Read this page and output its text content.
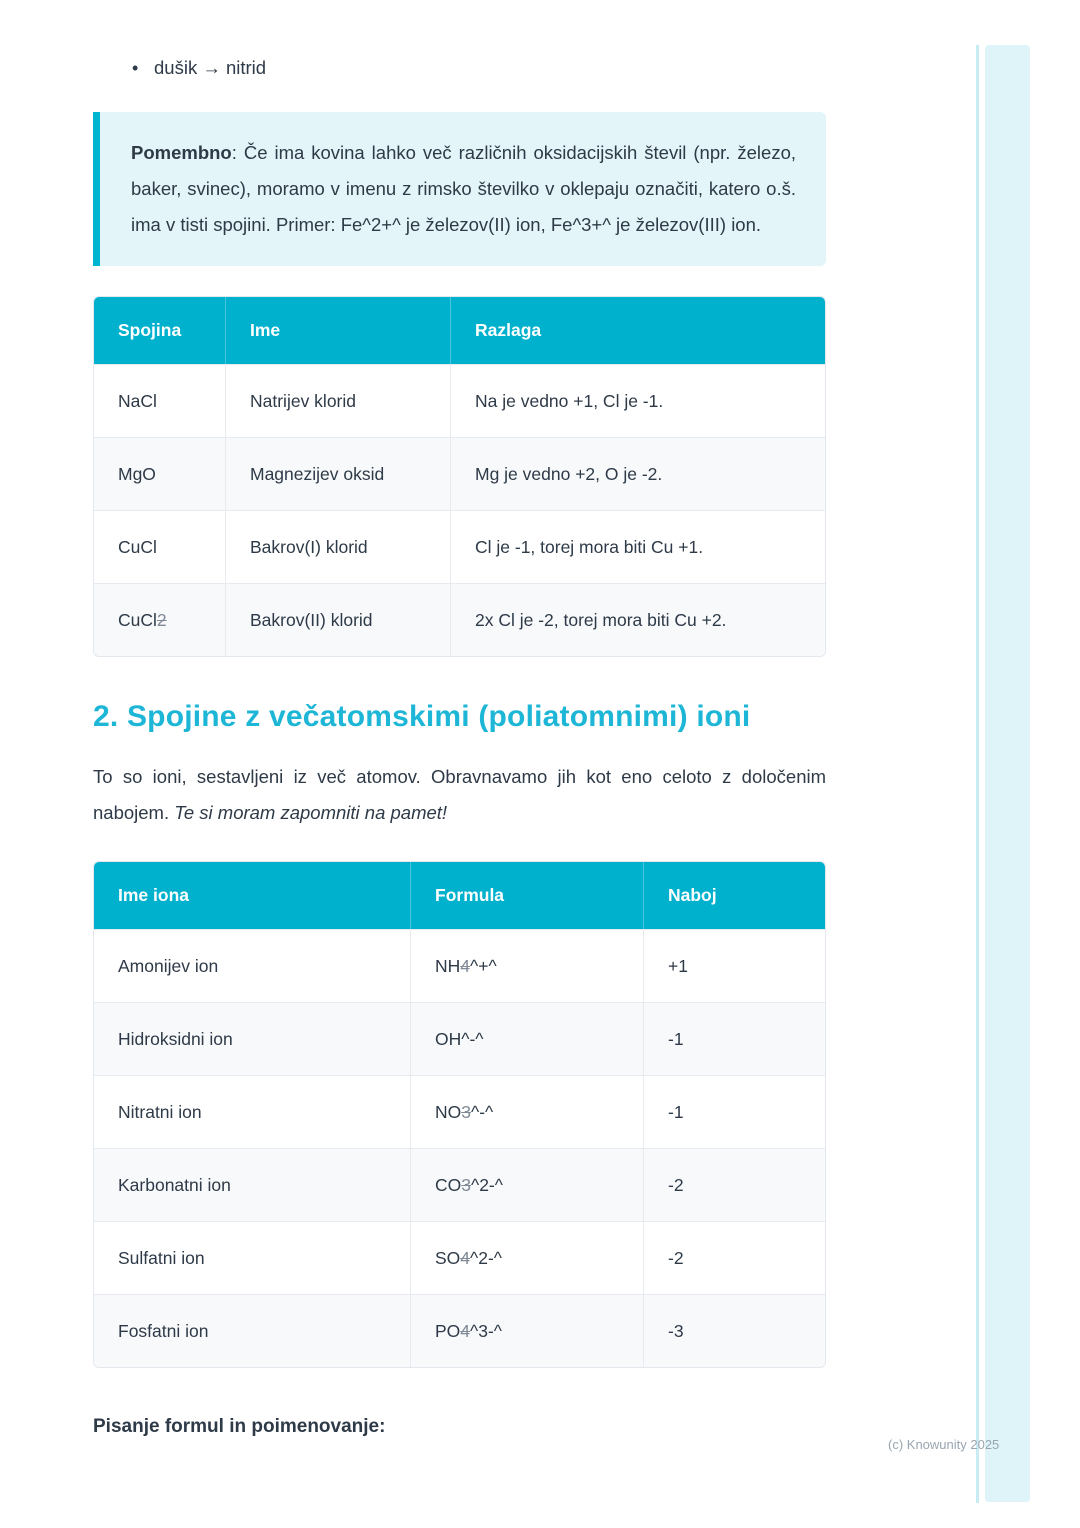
• dušik → nitrid

Pomembno: Če ima kovina lahko več različnih oksidacijskih števil (npr. železo, baker, svinec), moramo v imenu z rimsko številko v oklepaju označiti, katero o.š. ima v tisti spojini. Primer: Fe^2+^ je železov(II) ion, Fe^3+^ je železov(III) ion.

Spojina	Ime	Razlaga
NaCl	Natrijev klorid	Na je vedno +1, Cl je -1.
MgO	Magnezijev oksid	Mg je vedno +2, O je -2.
CuCl	Bakrov(I) klorid	Cl je -1, torej mora biti Cu +1.
CuCl2	Bakrov(II) klorid	2x Cl je -2, torej mora biti Cu +2.
2. Spojine z večatomskimi (poliatomnimi) ioni

To so ioni, sestavljeni iz več atomov. Obravnavamo jih kot eno celoto z določenim nabojem. Te si moram zapomniti na pamet!

Ime iona	Formula	Naboj
Amonijev ion	NH4^+^	+1
Hidroksidni ion	OH^-^	-1
Nitratni ion	NO3^-^	-1
Karbonatni ion	CO3^2-^	-2
Sulfatni ion	SO4^2-^	-2
Fosfatni ion	PO4^3-^	-3

Pisanje formul in poimenovanje:

(c) Knowunity 2025
